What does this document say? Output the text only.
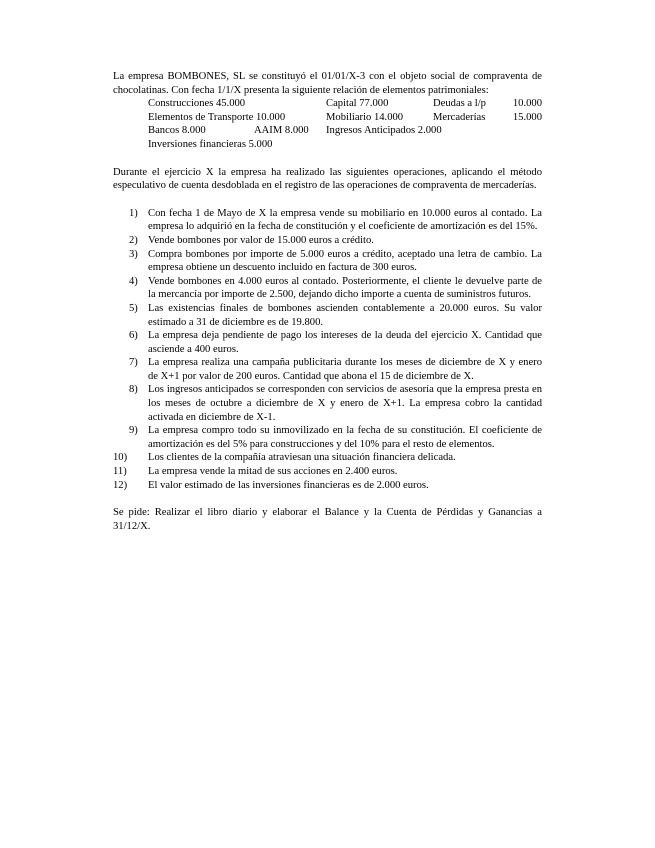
La empresa BOMBONES, SL se constituyó el 01/01/X-3 con el objeto social de compraventa de chocolatinas. Con fecha 1/1/X presenta la siguiente relación de elementos patrimoniales:

Construcciones 45.000	Capital 77.000	Deudas a l/p	10.000
Elementos de Transporte 10.000	Mobiliario 14.000	Mercaderías	15.000
Bancos 8.000	AAIM 8.000	Ingresos Anticipados 2.000
Inversiones financieras 5.000

Durante el ejercicio X la empresa ha realizado las siguientes operaciones, aplicando el método especulativo de cuenta desdoblada en el registro de las operaciones de compraventa de mercaderías.

1) Con fecha 1 de Mayo de X la empresa vende su mobiliario en 10.000 euros al contado. La empresa lo adquirió en la fecha de constitución y el coeficiente de amortización es del 15%.
2) Vende bombones por valor de 15.000 euros a crédito.
3) Compra bombones por importe de 5.000 euros a crédito, aceptado una letra de cambio. La empresa obtiene un descuento incluido en factura de 300 euros.
4) Vende bombones en 4.000 euros al contado. Posteriormente, el cliente le devuelve parte de la mercancía por importe de 2.500, dejando dicho importe a cuenta de suministros futuros.
5) Las existencias finales de bombones ascienden contablemente a 20.000 euros. Su valor estimado a 31 de diciembre es de 19.800.
6) La empresa deja pendiente de pago los intereses de la deuda del ejercicio X. Cantidad que asciende a 400 euros.
7) La empresa realiza una campaña publicitaria durante los meses de diciembre de X y enero de X+1 por valor de 200 euros. Cantidad que abona el 15 de diciembre de X.
8) Los ingresos anticipados se corresponden con servicios de asesoría que la empresa presta en los meses de octubre a diciembre de X y enero de X+1. La empresa cobro la cantidad activada en diciembre de X-1.
9) La empresa compro todo su inmovilizado en la fecha de su constitución. El coeficiente de amortización es del 5% para construcciones y del 10% para el resto de elementos.
10) Los clientes de la compañía atraviesan una situación financiera delicada.
11) La empresa vende la mitad de sus acciones en 2.400 euros.
12) El valor estimado de las inversiones financieras es de 2.000 euros.

Se pide: Realizar el libro diario y elaborar el Balance y la Cuenta de Pérdidas y Ganancias a 31/12/X.
